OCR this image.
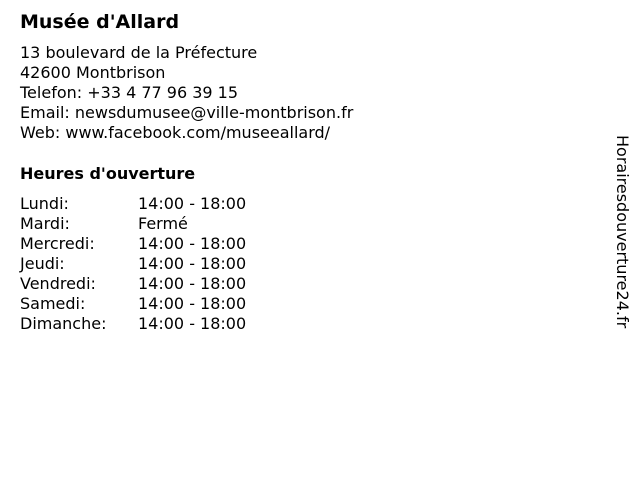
Musée d'Allard
13 boulevard de la Préfecture
42600 Montbrison
Telefon: +33 4 77 96 39 15
Email: newsdumusee@ville-montbrison.fr
Web: www.facebook.com/museeallard/
Heures d'ouverture
Lundi:	14:00 - 18:00
Mardi:	Fermé
Mercredi:	14:00 - 18:00
Jeudi:	14:00 - 18:00
Vendredi:	14:00 - 18:00
Samedi:	14:00 - 18:00
Dimanche:	14:00 - 18:00	Horairesdouverture24.fr
